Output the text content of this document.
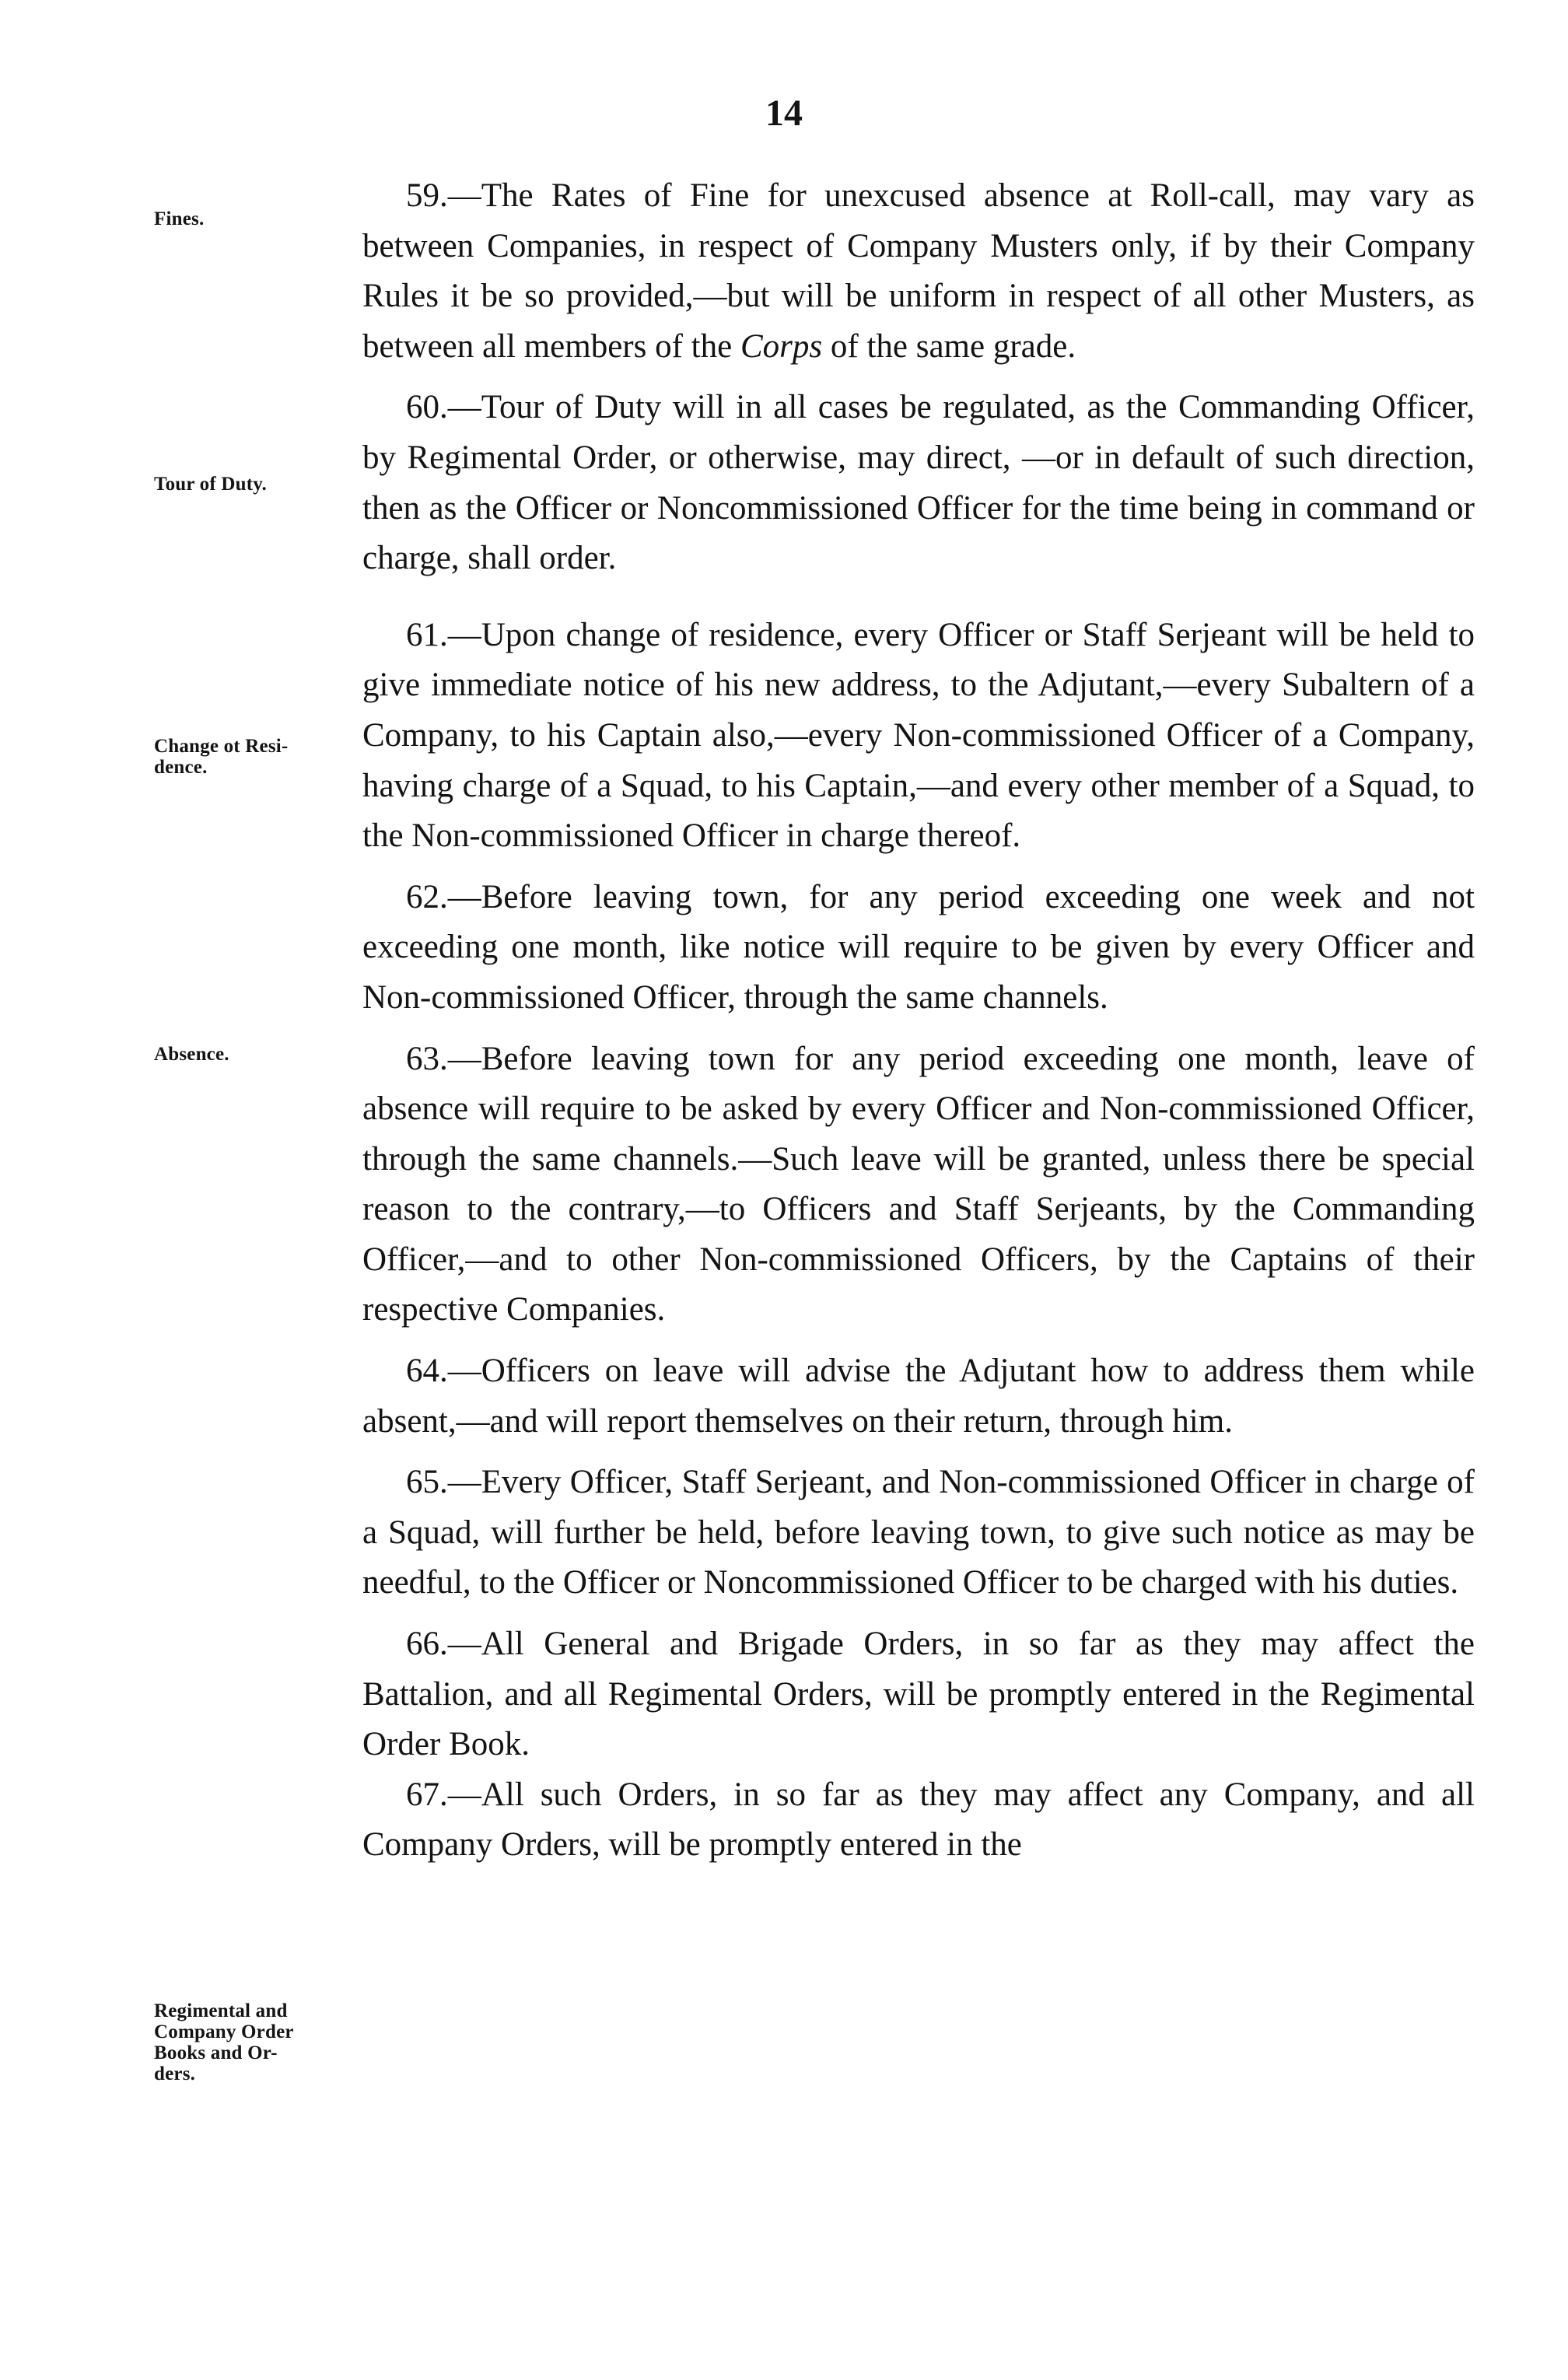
14
Fines.
Tour of Duty.
Change ot Resi-
dence.
Absence.
Regimental and
Company Order
Books and Or-
ders.

59.—The Rates of Fine for unexcused absence at Roll-call, may vary as between Companies, in respect of Company Musters only, if by their Company Rules it be so provided,—but will be uniform in respect of all other Musters, as between all members of the Corps of the same grade.

60.—Tour of Duty will in all cases be regulated, as the Commanding Officer, by Regimental Order, or otherwise, may direct, —or in default of such direction, then as the Officer or Noncommissioned Officer for the time being in command or charge, shall order.

61.—Upon change of residence, every Officer or Staff Serjeant will be held to give immediate notice of his new address, to the Adjutant,—every Subaltern of a Company, to his Captain also,—every Non-commissioned Officer of a Company, having charge of a Squad, to his Captain,—and every other member of a Squad, to the Non-commissioned Officer in charge thereof.

62.—Before leaving town, for any period exceeding one week and not exceeding one month, like notice will require to be given by every Officer and Non-commissioned Officer, through the same channels.

63.—Before leaving town for any period exceeding one month, leave of absence will require to be asked by every Officer and Non-commissioned Officer, through the same channels.—Such leave will be granted, unless there be special reason to the contrary,—to Officers and Staff Serjeants, by the Commanding Officer,—and to other Non-commissioned Officers, by the Captains of their respective Companies.

64.—Officers on leave will advise the Adjutant how to address them while absent,—and will report themselves on their return, through him.

65.—Every Officer, Staff Serjeant, and Non-commissioned Officer in charge of a Squad, will further be held, before leaving town, to give such notice as may be needful, to the Officer or Noncommissioned Officer to be charged with his duties.

66.—All General and Brigade Orders, in so far as they may affect the Battalion, and all Regimental Orders, will be promptly entered in the Regimental Order Book.

67.—All such Orders, in so far as they may affect any Company, and all Company Orders, will be promptly entered in the
